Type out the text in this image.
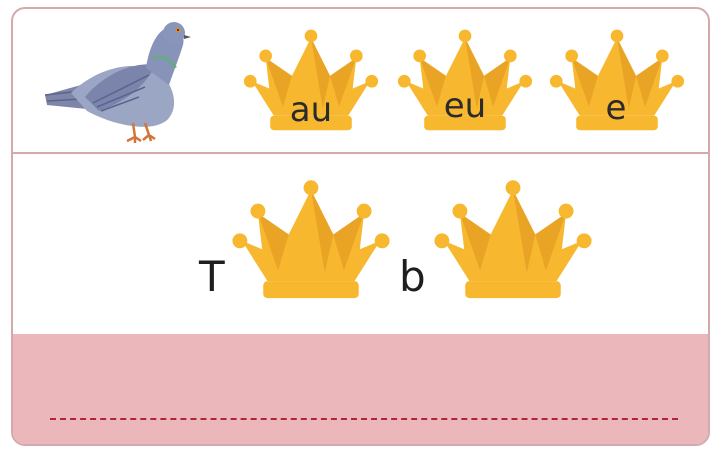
au	eu	e
T	b
